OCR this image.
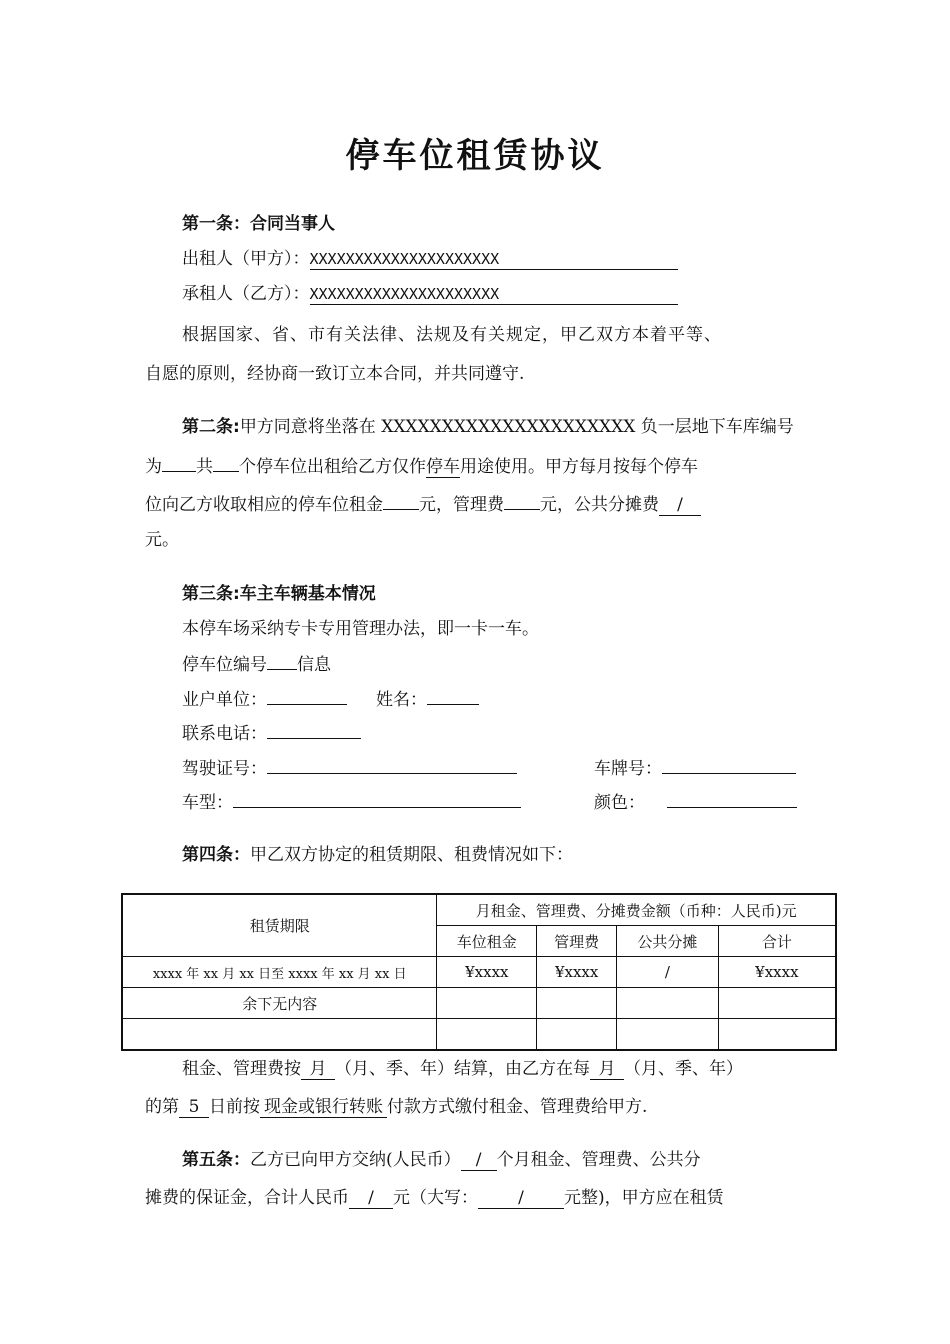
停车位租赁协议
第一条：合同当事人
出租人（甲方）：XXXXXXXXXXXXXXXXXXXXX
承租人（乙方）：XXXXXXXXXXXXXXXXXXXXX
根据国家、省、市有关法律、法规及有关规定，甲乙双方本着平等、
自愿的原则，经协商一致订立本合同，并共同遵守.
第二条:甲方同意将坐落在 XXXXXXXXXXXXXXXXXXXXX 负一层地下车库编号
为 共 个停车位出租给乙方仅作停车用途使用。甲方每月按每个停车
位向乙方收取相应的停车位租金 元，管理费 元，公共分摊费 /
元。
第三条:车主车辆基本情况
本停车场采纳专卡专用管理办法，即一卡一车。
停车位编号 信息
业户单位：	姓名：
联系电话：
驾驶证号：	车牌号：
车型：	颜色：
第四条：甲乙双方协定的租赁期限、租费情况如下：
租赁期限	月租金、管理费、分摊费金额（币种：人民币)元			
	车位租金	管理费	公共分摊	合计
xxxx 年 xx 月 xx 日至 xxxx 年 xx 月 xx 日	¥xxxx	¥xxxx	/	¥xxxx
余下无内容				

租金、管理费按 月 （月、季、年）结算，由乙方在每 月 （月、季、年）
的第 5 日前按 现金或银行转账 付款方式缴付租金、管理费给甲方.
第五条：乙方已向甲方交纳(人民币） / 个月租金、管理费、公共分
摊费的保证金，合计人民币 / 元（大写： / 元整)，甲方应在租赁
